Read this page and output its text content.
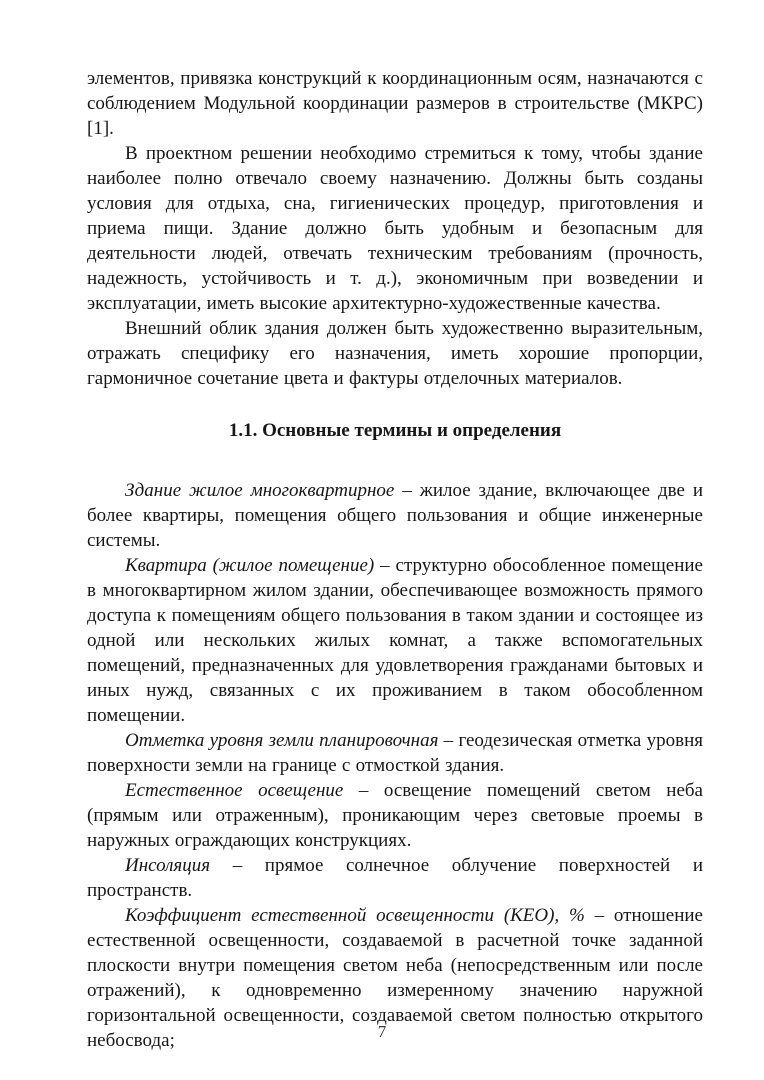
элементов, привязка конструкций к координационным осям, назначаются с соблюдением Модульной координации размеров в строительстве (МКРС) [1].

В проектном решении необходимо стремиться к тому, чтобы здание наиболее полно отвечало своему назначению. Должны быть созданы условия для отдыха, сна, гигиенических процедур, приготовления и приема пищи. Здание должно быть удобным и безопасным для деятельности людей, отвечать техническим требованиям (прочность, надежность, устойчивость и т. д.), экономичным при возведении и эксплуатации, иметь высокие архитектурно-художественные качества.

Внешний облик здания должен быть художественно выразительным, отражать специфику его назначения, иметь хорошие пропорции, гармоничное сочетание цвета и фактуры отделочных материалов.

1.1. Основные термины и определения

Здание жилое многоквартирное – жилое здание, включающее две и более квартиры, помещения общего пользования и общие инженерные системы.

Квартира (жилое помещение) – структурно обособленное помещение в многоквартирном жилом здании, обеспечивающее возможность прямого доступа к помещениям общего пользования в таком здании и состоящее из одной или нескольких жилых комнат, а также вспомогательных помещений, предназначенных для удовлетворения гражданами бытовых и иных нужд, связанных с их проживанием в таком обособленном помещении.

Отметка уровня земли планировочная – геодезическая отметка уровня поверхности земли на границе с отмосткой здания.

Естественное освещение – освещение помещений светом неба (прямым или отраженным), проникающим через световые проемы в наружных ограждающих конструкциях.

Инсоляция – прямое солнечное облучение поверхностей и пространств.

Коэффициент естественной освещенности (КЕО), % – отношение естественной освещенности, создаваемой в расчетной точке заданной плоскости внутри помещения светом неба (непосредственным или после отражений), к одновременно измеренному значению наружной горизонтальной освещенности, создаваемой светом полностью открытого небосвода;	7
